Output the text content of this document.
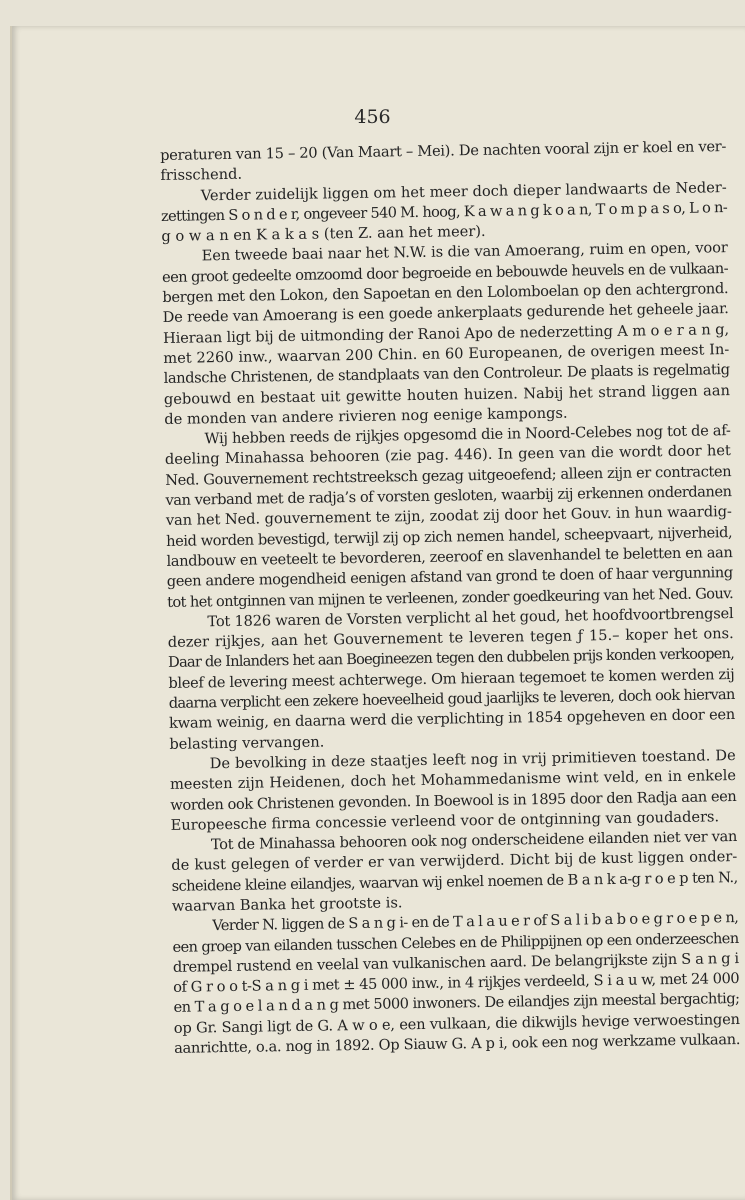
456
peraturen van 15 – 20 (Van Maart – Mei). De nachten vooral zijn er koel en ver-
frisschend.
Verder zuidelijk liggen om het meer doch dieper landwaarts de Neder-
zettingen S o n d e r, ongeveer 540 M. hoog, K a w a n g k o a n, T o m p a s o, L o n-
g o w a n en K a k a s (ten Z. aan het meer).
Een tweede baai naar het N.W. is die van Amoerang, ruim en open, voor
een groot gedeelte omzoomd door begroeide en bebouwde heuvels en de vulkaan-
bergen met den Lokon, den Sapoetan en den Lolomboelan op den achtergrond.
De reede van Amoerang is een goede ankerplaats gedurende het geheele jaar.
Hieraan ligt bij de uitmonding der Ranoi Apo de nederzetting A m o e r a n g,
met 2260 inw., waarvan 200 Chin. en 60 Europeanen, de overigen meest In-
landsche Christenen, de standplaats van den Controleur. De plaats is regelmatig
gebouwd en bestaat uit gewitte houten huizen. Nabij het strand liggen aan
de monden van andere rivieren nog eenige kampongs.
Wij hebben reeds de rijkjes opgesomd die in Noord-Celebes nog tot de af-
deeling Minahassa behooren (zie pag. 446). In geen van die wordt door het
Ned. Gouvernement rechtstreeksch gezag uitgeoefend; alleen zijn er contracten
van verband met de radja’s of vorsten gesloten, waarbij zij erkennen onderdanen
van het Ned. gouvernement te zijn, zoodat zij door het Gouv. in hun waardig-
heid worden bevestigd, terwijl zij op zich nemen handel, scheepvaart, nijverheid,
landbouw en veeteelt te bevorderen, zeeroof en slavenhandel te beletten en aan
geen andere mogendheid eenigen afstand van grond te doen of haar vergunning
tot het ontginnen van mijnen te verleenen, zonder goedkeuring van het Ned. Gouv.
Tot 1826 waren de Vorsten verplicht al het goud, het hoofdvoortbrengsel
dezer rijkjes, aan het Gouvernement te leveren tegen ƒ 15.– koper het ons.
Daar de Inlanders het aan Boegineezen tegen den dubbelen prijs konden verkoopen,
bleef de levering meest achterwege. Om hieraan tegemoet te komen werden zij
daarna verplicht een zekere hoeveelheid goud jaarlijks te leveren, doch ook hiervan
kwam weinig, en daarna werd die verplichting in 1854 opgeheven en door een
belasting vervangen.
De bevolking in deze staatjes leeft nog in vrij primitieven toestand. De
meesten zijn Heidenen, doch het Mohammedanisme wint veld, en in enkele
worden ook Christenen gevonden. In Boewool is in 1895 door den Radja aan een
Europeesche firma concessie verleend voor de ontginning van goudaders.
Tot de Minahassa behooren ook nog onderscheidene eilanden niet ver van
de kust gelegen of verder er van verwijderd. Dicht bij de kust liggen onder-
scheidene kleine eilandjes, waarvan wij enkel noemen de B a n k a-g r o e p ten N.,
waarvan Banka het grootste is.
Verder N. liggen de S a n g i- en de T a l a u e r of S a l i b a b o e g r o e p e n,
een groep van eilanden tusschen Celebes en de Philippijnen op een onderzeeschen
drempel rustend en veelal van vulkanischen aard. De belangrijkste zijn S a n g i
of G r o o t-S a n g i met ± 45 000 inw., in 4 rijkjes verdeeld, S i a u w, met 24 000
en T a g o e l a n d a n g met 5000 inwoners. De eilandjes zijn meestal bergachtig;
op Gr. Sangi ligt de G. A w o e, een vulkaan, die dikwijls hevige verwoestingen
aanrichtte, o.a. nog in 1892. Op Siauw G. A p i, ook een nog werkzame vulkaan.
